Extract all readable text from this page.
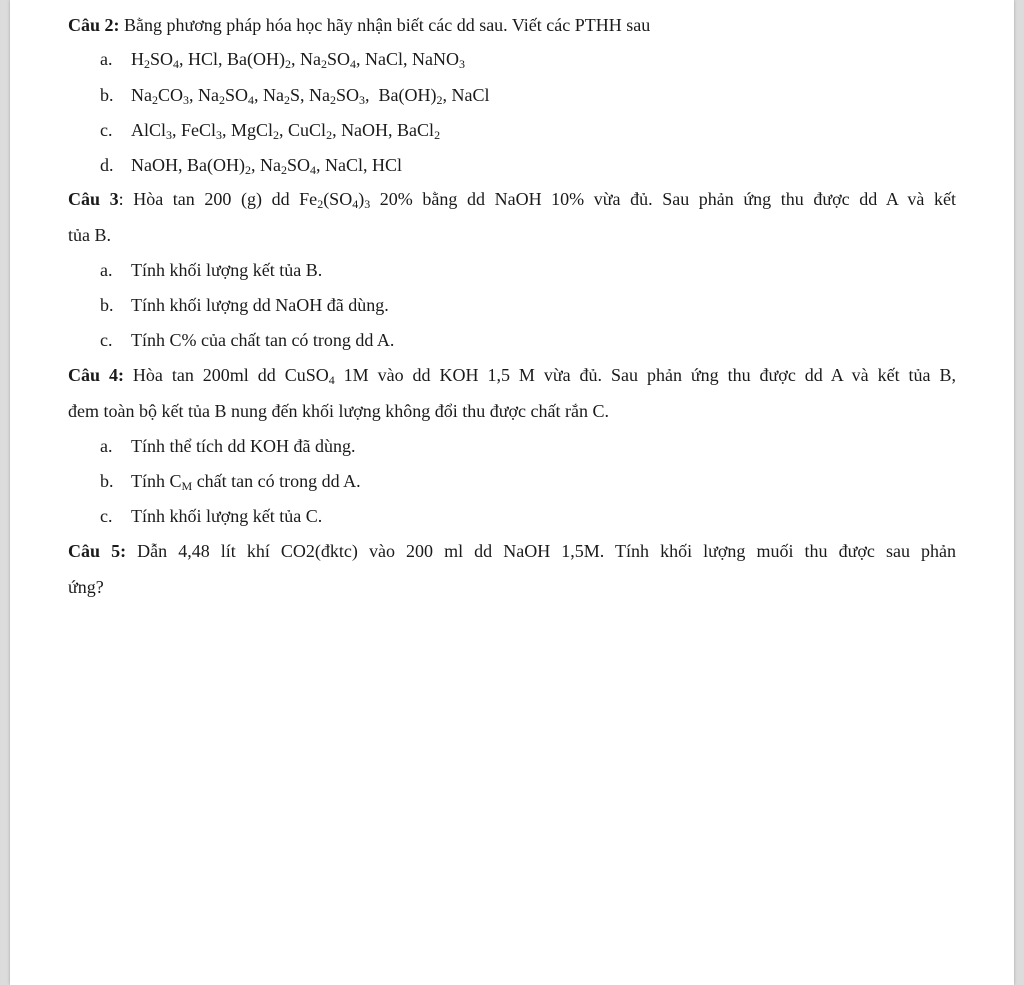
Câu 2: Bằng phương pháp hóa học hãy nhận biết các dd sau. Viết các PTHH sau
a.	$H_2SO_4$, HCl, $Ba(OH)_2$, $Na_2SO_4$, NaCl, NaNO$_3$
b. $Na_2CO_3$, $Na_2SO_4$, $Na_2S$, $Na_2SO_3$,  $Ba(OH)_2$, NaCl
c.	AlCl$_3$, FeCl$_3$, MgCl$_2$, CuCl$_2$, NaOH, BaCl$_2$
d. NaOH, $Ba(OH)_2$, $Na_2SO_4$, NaCl, HCl
Câu 3: Hòa tan 200 (g) dd $Fe_2(SO_4)_3$ 20% bằng dd NaOH 10% vừa đủ. Sau phản ứng thu được dd A và kết
tủa B.
a.	Tính khối lượng kết tủa B.
b. Tính khối lượng dd NaOH đã dùng.
c.	Tính C% của chất tan có trong dd A.
Câu 4: Hòa tan 200ml dd CuSO$_4$ 1M vào dd KOH 1,5 M vừa đủ. Sau phản ứng thu được dd A và kết tủa B,
đem toàn bộ kết tủa B nung đến khối lượng không đổi thu được chất rắn C.
a.	Tính thể tích dd KOH đã dùng.
b. Tính $C_M$ chất tan có trong dd A.
c.	Tính khối lượng kết tủa C.
Câu 5: Dẫn 4,48 lít khí CO2(đktc) vào 200 ml dd NaOH 1,5M. Tính khối lượng muối thu được sau phản
ứng?
